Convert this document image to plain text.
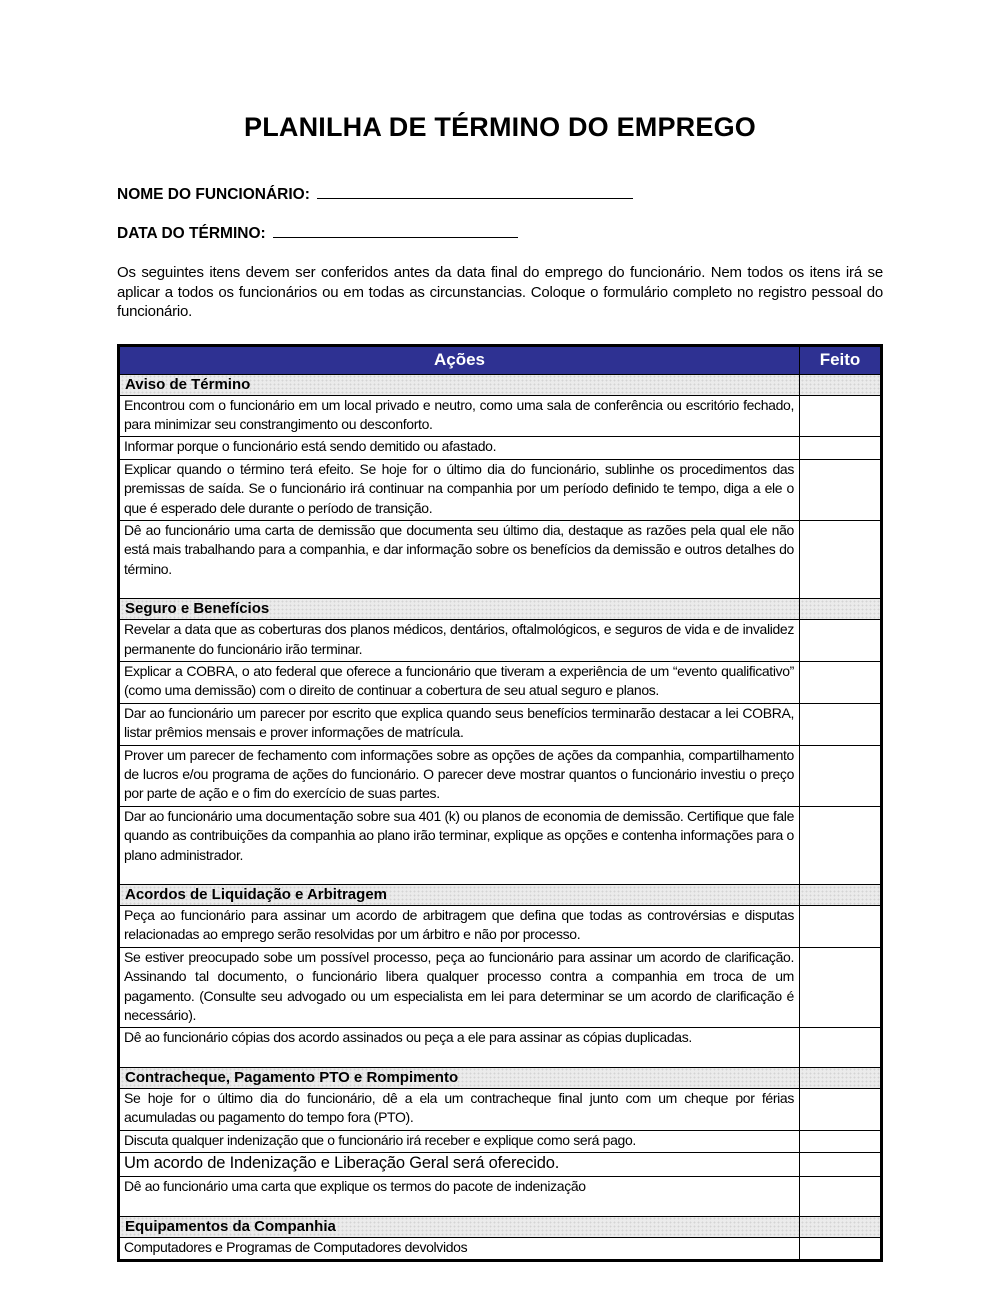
PLANILHA DE TÉRMINO DO EMPREGO
NOME DO FUNCIONÁRIO:
DATA DO TÉRMINO:

Os seguintes itens devem ser conferidos antes da data final do emprego do funcionário. Nem todos os itens irá se aplicar a todos os funcionários ou em todas as circunstancias. Coloque o formulário completo no registro pessoal do funcionário.

Ações	Feito
Aviso de Término	
Encontrou com o funcionário em um local privado e neutro, como uma sala de conferência ou escritório fechado, para minimizar seu constrangimento ou desconforto.	
Informar porque o funcionário está sendo demitido ou afastado.	
Explicar quando o término terá efeito. Se hoje for o último dia do funcionário, sublinhe os procedimentos das premissas de saída. Se o funcionário irá continuar na companhia por um período definido te tempo, diga a ele o que é esperado dele durante o período de transição.	
Dê ao funcionário uma carta de demissão que documenta seu último dia, destaque as razões pela qual ele não está mais trabalhando para a companhia, e dar informação sobre os benefícios da demissão e outros detalhes do término.	
Seguro e Benefícios	
Revelar a data que as coberturas dos planos médicos, dentários, oftalmológicos, e seguros de vida e de invalidez permanente do funcionário irão terminar.	
Explicar a COBRA, o ato federal que oferece a funcionário que tiveram a experiência de um “evento qualificativo” (como uma demissão) com o direito de continuar a cobertura de seu atual seguro e planos.	
Dar ao funcionário um parecer por escrito que explica quando seus benefícios terminarão destacar a lei COBRA, listar prêmios mensais e prover informações de matrícula.	
Prover um parecer de fechamento com informações sobre as opções de ações da companhia, compartilhamento de lucros e/ou programa de ações do funcionário. O parecer deve mostrar quantos o funcionário investiu o preço por parte de ação e o fim do exercício de suas partes.	
Dar ao funcionário uma documentação sobre sua 401 (k) ou planos de economia de demissão. Certifique que fale quando as contribuições da companhia ao plano irão terminar, explique as opções e contenha informações para o plano administrador.	
Acordos de Liquidação e Arbitragem	
Peça ao funcionário para assinar um acordo de arbitragem que defina que todas as controvérsias e disputas relacionadas ao emprego serão resolvidas por um árbitro e não por processo.	
Se estiver preocupado sobe um possível processo, peça ao funcionário para assinar um acordo de clarificação. Assinando tal documento, o funcionário libera qualquer processo contra a companhia em troca de um pagamento. (Consulte seu advogado ou um especialista em lei para determinar se um acordo de clarificação é necessário).	
Dê ao funcionário cópias dos acordo assinados ou peça a ele para assinar as cópias duplicadas.	
Contracheque, Pagamento PTO e Rompimento	
Se hoje for o último dia do funcionário, dê a ela um contracheque final junto com um cheque por férias acumuladas ou pagamento do tempo fora (PTO).	
Discuta qualquer indenização que o funcionário irá receber e explique como será pago.	
Um acordo de Indenização e Liberação Geral será oferecido.	
Dê ao funcionário uma carta que explique os termos do pacote de indenização	
Equipamentos da Companhia	
Computadores e Programas de Computadores devolvidos	
